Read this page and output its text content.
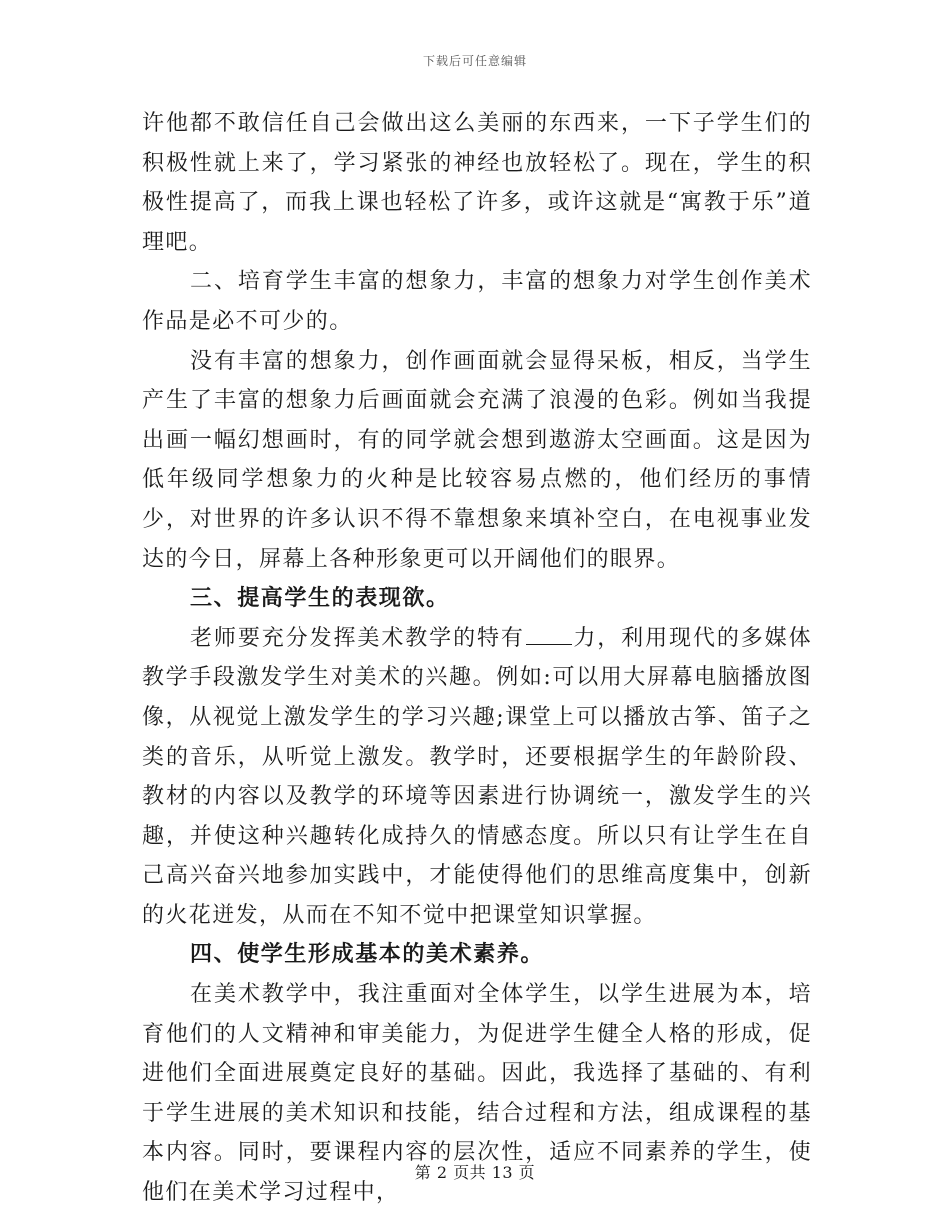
下载后可任意编辑

许他都不敢信任自己会做出这么美丽的东西来，一下子学生们的积极性就上来了，学习紧张的神经也放轻松了。现在，学生的积极性提高了，而我上课也轻松了许多，或许这就是“寓教于乐”道理吧。

二、培育学生丰富的想象力，丰富的想象力对学生创作美术作品是必不可少的。

没有丰富的想象力，创作画面就会显得呆板，相反，当学生产生了丰富的想象力后画面就会充满了浪漫的色彩。例如当我提出画一幅幻想画时，有的同学就会想到遨游太空画面。这是因为低年级同学想象力的火种是比较容易点燃的，他们经历的事情少，对世界的许多认识不得不靠想象来填补空白，在电视事业发达的今日，屏幕上各种形象更可以开阔他们的眼界。

三、提高学生的表现欲。

老师要充分发挥美术教学的特有 力，利用现代的多媒体教学手段激发学生对美术的兴趣。例如:可以用大屏幕电脑播放图像，从视觉上激发学生的学习兴趣;课堂上可以播放古筝、笛子之类的音乐，从听觉上激发。教学时，还要根据学生的年龄阶段、教材的内容以及教学的环境等因素进行协调统一，激发学生的兴趣，并使这种兴趣转化成持久的情感态度。所以只有让学生在自己高兴奋兴地参加实践中，才能使得他们的思维高度集中，创新的火花迸发，从而在不知不觉中把课堂知识掌握。

四、使学生形成基本的美术素养。

在美术教学中，我注重面对全体学生，以学生进展为本，培育他们的人文精神和审美能力，为促进学生健全人格的形成，促进他们全面进展奠定良好的基础。因此，我选择了基础的、有利于学生进展的美术知识和技能，结合过程和方法，组成课程的基本内容。同时，要课程内容的层次性，适应不同素养的学生，使他们在美术学习过程中，

第 2 页共 13 页
